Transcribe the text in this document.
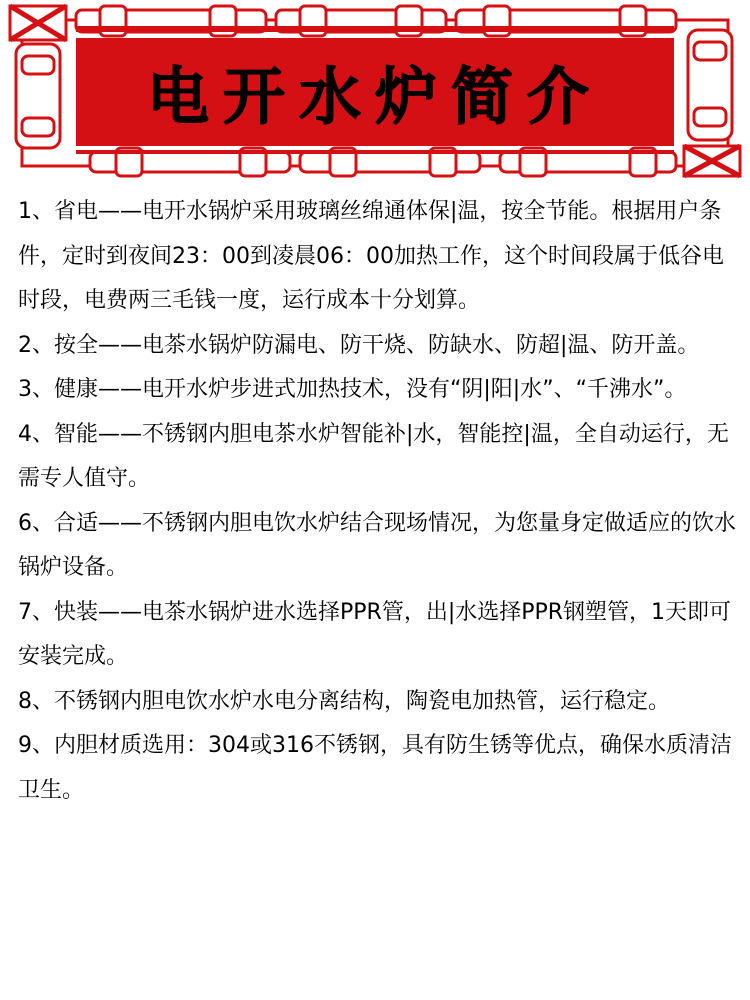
电开水炉简介

1、省电——电开水锅炉采用玻璃丝绵通体保|温，按全节能。根据用户条件，定时到夜间23：00到凌晨06：00加热工作，这个时间段属于低谷电时段，电费两三毛钱一度，运行成本十分划算。

2、按全——电茶水锅炉防漏电、防干烧、防缺水、防超|温、防开盖。

3、健康——电开水炉步进式加热技术，没有“阴|阳|水”、“千沸水”。

4、智能——不锈钢内胆电茶水炉智能补|水，智能控|温，全自动运行，无需专人值守。

6、合适——不锈钢内胆电饮水炉结合现场情况，为您量身定做适应的饮水锅炉设备。

7、快装——电茶水锅炉进水选择PPR管，出|水选择PPR钢塑管，1天即可安装完成。

8、不锈钢内胆电饮水炉水电分离结构，陶瓷电加热管，运行稳定。

9、内胆材质选用：304或316不锈钢，具有防生锈等优点，确保水质清洁卫生。
